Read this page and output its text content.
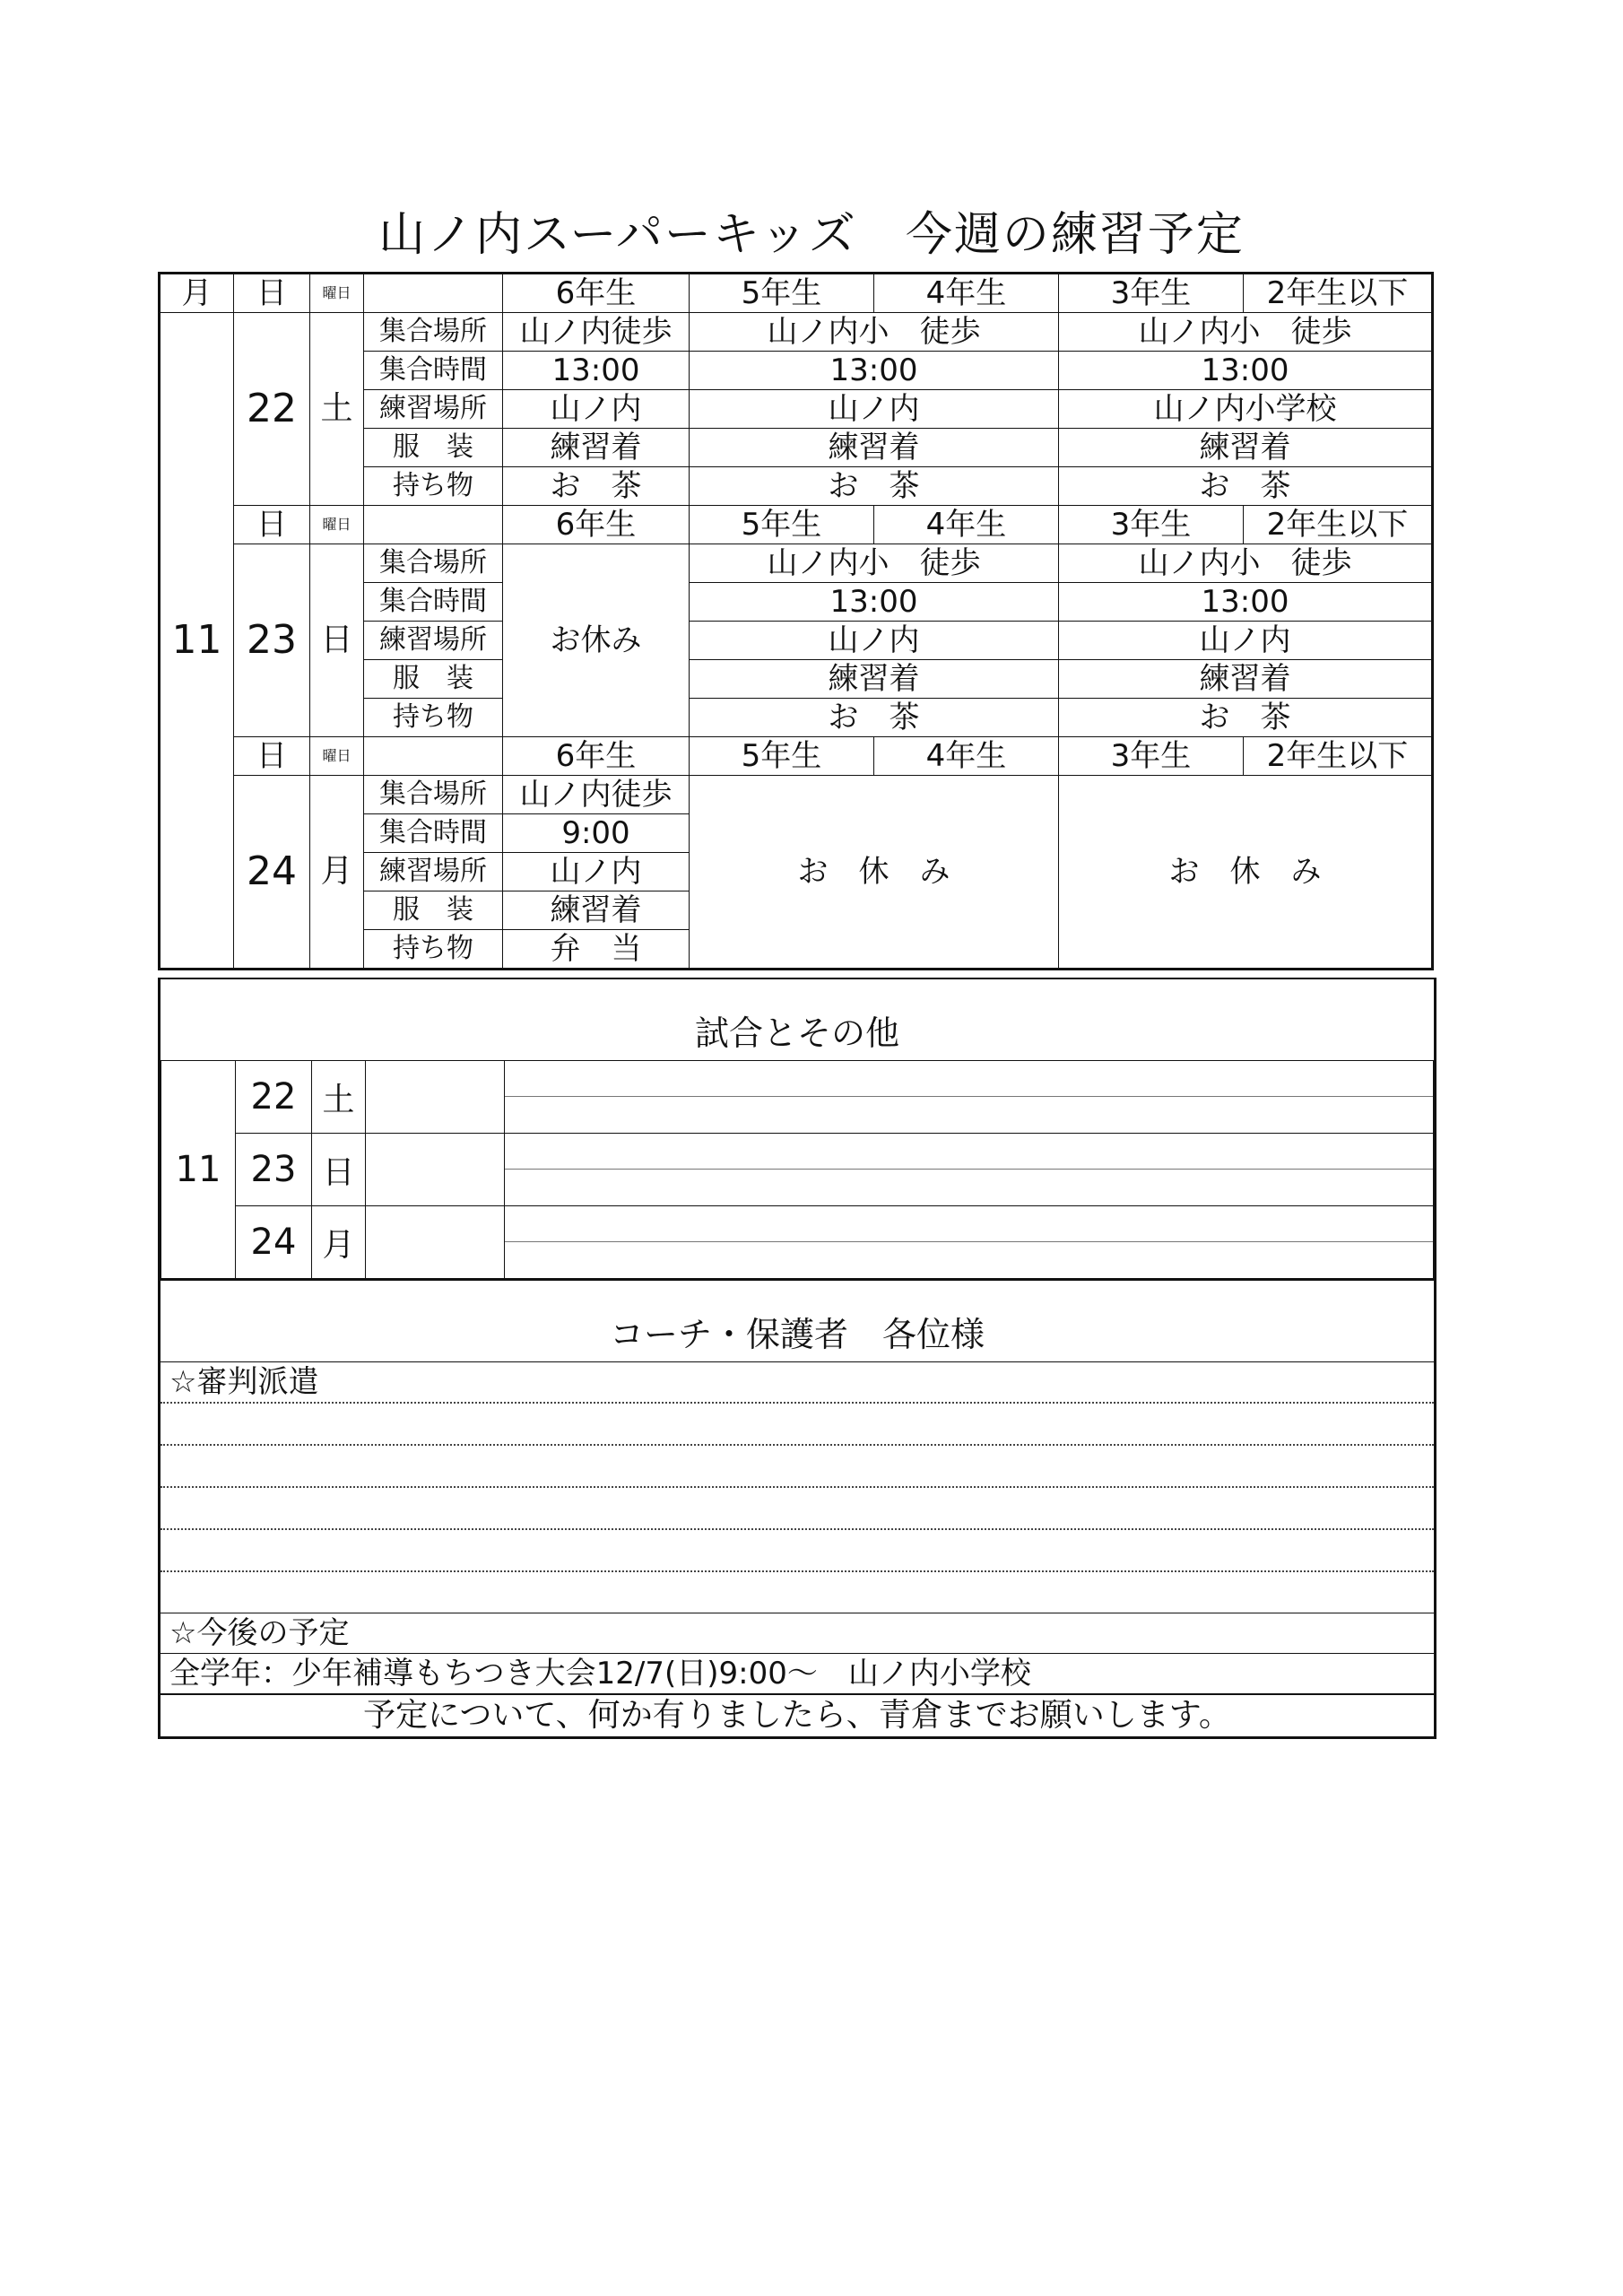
山ノ内スーパーキッズ　今週の練習予定
月	日	曜日		6年生	5年生	4年生	3年生	2年生以下
11	22	土	集合場所	山ノ内徒歩	山ノ内小　徒歩		山ノ内小　徒歩	
			集合時間	13:00	13:00		13:00	
			練習場所	山ノ内	山ノ内		山ノ内小学校	
			服　装	練習着	練習着		練習着	
			持ち物	お　茶	お　茶		お　茶	
	日	曜日		6年生	5年生	4年生	3年生	2年生以下
	23	日	集合場所	お休み	山ノ内小　徒歩		山ノ内小　徒歩	
			集合時間		13:00		13:00	
			練習場所		山ノ内		山ノ内	
			服　装		練習着		練習着	
			持ち物		お　茶		お　茶	
	日	曜日		6年生	5年生	4年生	3年生	2年生以下
	24	月	集合場所	山ノ内徒歩	お　休　み		お　休　み	
			集合時間	9:00				
			練習場所	山ノ内				
			服　装	練習着				
			持ち物	弁　当				
試合とその他
11	22	土		

	23	日		

	24	月		
コーチ・保護者　各位様
☆審判派遣
☆今後の予定
全学年：少年補導もちつき大会12/7(日)9:00～　山ノ内小学校
予定について、何か有りましたら、青倉までお願いします。
